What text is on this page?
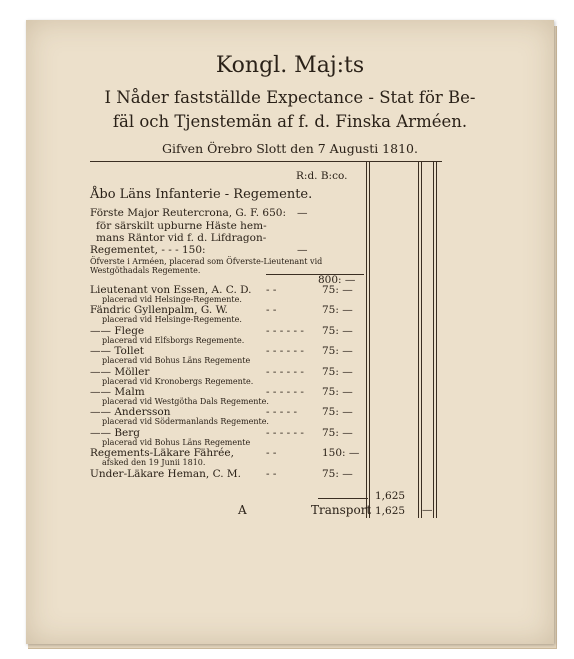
Kongl. Maj:ts
I Nåder fastställde Expectance - Stat för Be-
fäl och Tjenstemän af f. d. Finska Arméen.
Gifven Örebro Slott den 7 Augusti 1810.
R:d. B:co.
Åbo Läns Infanterie - Regemente.
Förste Major Reutercrona, G. F. 650: —
för särskilt upburne Häste hem-
mans Räntor vid f. d. Lifdragon-
Regementet, - - - 150:	—
Öfverste i Arméen, placerad som Öfverste-Lieutenant vid Westgöthadals Regemente.
800: —
Lieutenant von Essen, A. C. D. - -	75: —
placerad vid Helsinge-Regemente.
Fändric Gyllenpalm, G. W.	- -	75: —
placerad vid Helsinge-Regemente.
—— Flege	- - - - - - 75: —
placerad vid Elfsborgs Regemente.
—— Tollet	- - - - - - 75: —
placerad vid Bohus Läns Regemente
—— Möller	- - - - - - 75: —
placerad vid Kronobergs Regemente.
—— Malm	- - - - - - 75: —
placerad vid Westgötha Dals Regemente.
—— Andersson	- - - - - 75: —
placerad vid Södermanlands Regemente.
—— Berg	- - - - - - 75: —
placerad vid Bohus Läns Regemente
Regements-Läkare Fährée,	- -	150: —
afsked den 19 Junii 1810.
Under-Läkare Heman, C. M. - -	75: —
1,625
A	Transport 1,625 —
